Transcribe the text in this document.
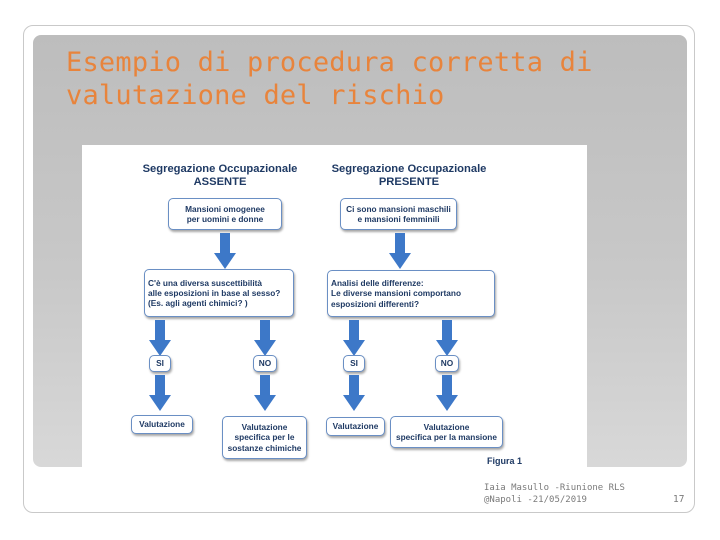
Esempio di procedura corretta di
valutazione del rischio
Segregazione Occupazionale
ASSENTE
Segregazione Occupazionale
PRESENTE
Mansioni omogenee
per uomini e donne
Ci sono mansioni maschili
e mansioni femminili
C'è una diversa suscettibilità
alle esposizioni in base al sesso?
(Es. agli agenti chimici? )
Analisi delle differenze:
Le diverse mansioni comportano
esposizioni differenti?
SI	NO	SI	NO
Valutazione	Valutazione
specifica per le
sostanze chimiche
Valutazione	Valutazione
specifica per la mansione
Figura 1
Iaia Masullo -Riunione RLS
@Napoli -21/05/2019	17
